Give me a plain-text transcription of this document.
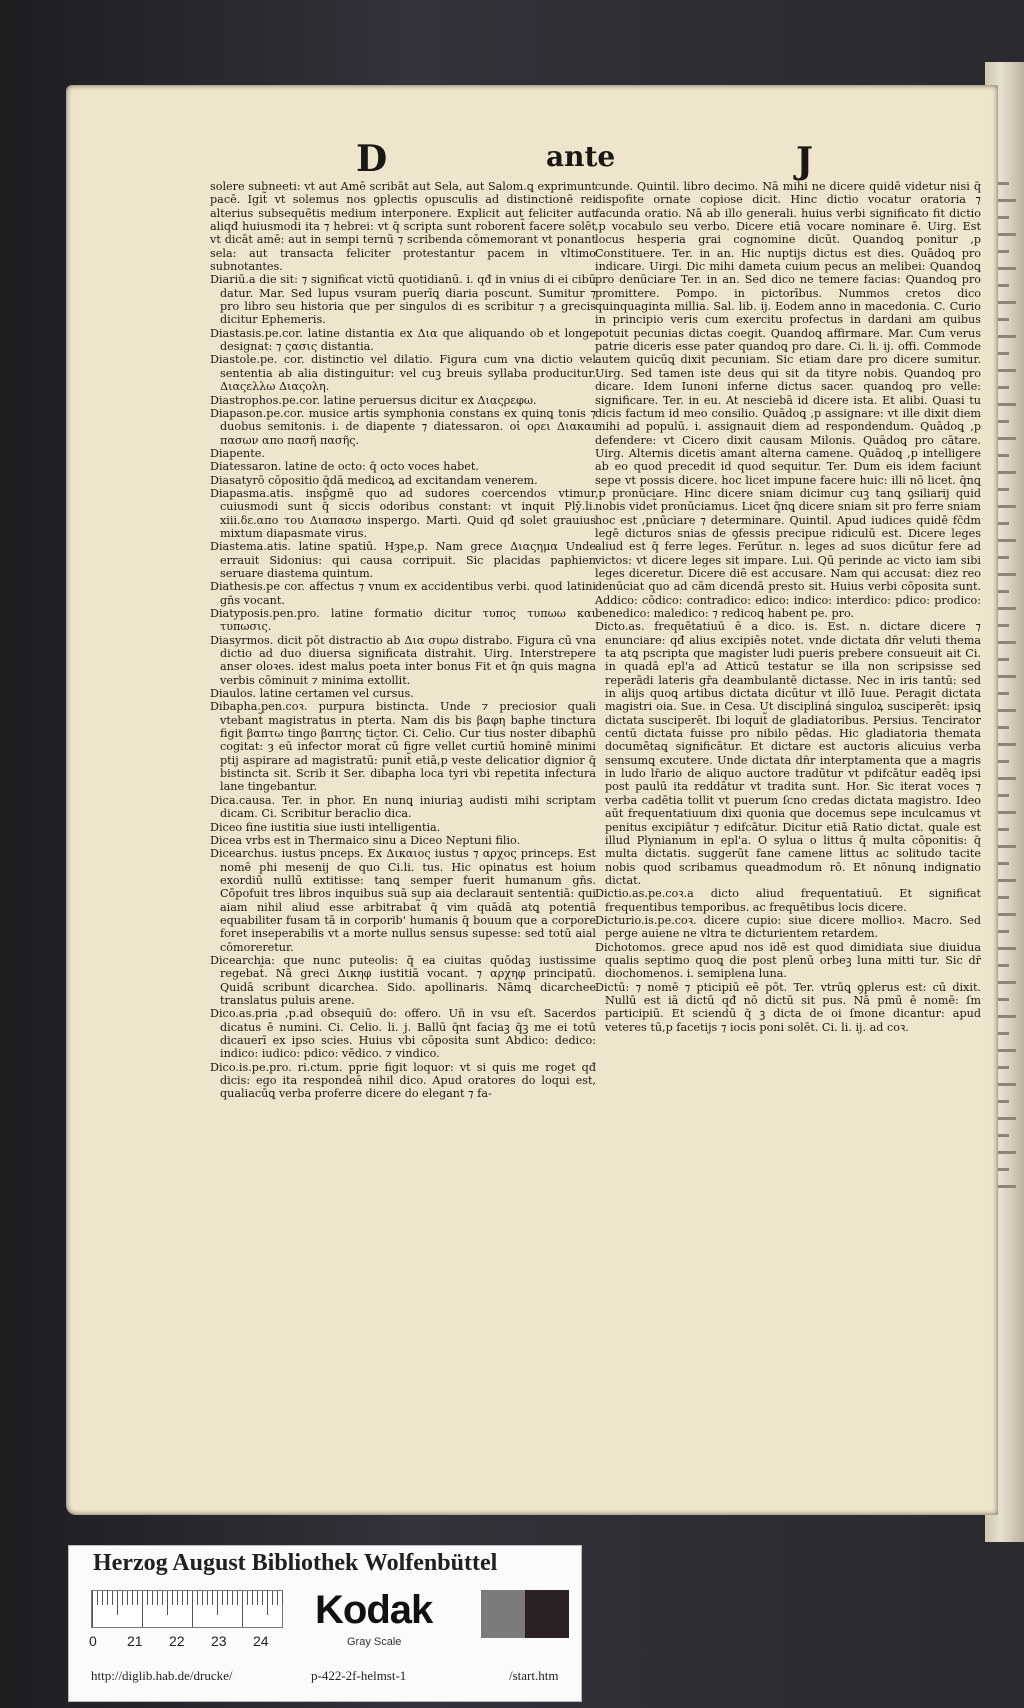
D	ante	J

solere subneeti: vt aut Amē scribāt aut Sela, aut Salom.ꝗ exprimunt pacē. Igit̃ vt solemus nos ꝯplectis opusculis ad distinctionē rei alterius subsequētis medium interponere. Explicit aut feliciter aut aliqđ huiusmodi ita ⁊ hebrei: vt q̄ scripta sunt roborent̃ facere solēt vt dicāt amē: aut in sempi ternū ⁊ scribenda cōmemorant vt ponant sela: aut transacta feliciter protestantur pacem in vltimo subnotantes.

Diariū.a die sit: ⁊ significat victū quotidianū. i. qđ in vnius di ei cibū datur. Mar. Sed lupus vsuram puerīꝗ diaria poscunt. Sumitur ⁊ pro libro seu historia que per singulos di es scribitur ⁊ a grecis dicitur Ephemeris.

Diastasis.pe.cor. latine distantia ex Δια que aliquando ob et longe designat: ⁊ ςασις distantia.

Diastole.pe. cor. distinctio vel dilatio. Figura cum vna dictio vel sententia ab alia distinguitur: vel cuꝫ breuis syllaba producitur. Διαςελλω Διαςολη.

Diastrophos.pe.cor. latine peruersus dicitur ex Διαςρεφω.

Diapason.pe.cor. musice artis symphonia constans ex quinꝗ tonis ⁊ duobus semitonis. i. de diapente ⁊ diatessaron. οἱ ορει Διακαι πασων απο πασῆ πασῆς.

Diapente.

Diatessaron. latine de octo: q̄ octo voces habet.

Diasatyrō cōpositio q̄dā medicoꝝ ad excitandam venerem.

Diapasma.atis. insp̄gmē quo ad sudores coercendos vtimur cuiusmodi sunt q̄ siccis odoribus constant: vt inquit Plȳ.li. xiii.δε.απο του Διαπασω inspergo. Marti. Quid qđ solet grauius mixtum diapasmate virus.

Diastema.atis. latine spatiū. Hȝpe,p. Nam grece Διαςημα Unde errauit Sidonius: qui causa corripuit. Sic placidas paphien seruare diastema quintum.

Diathesis.pe cor. affectus ⁊ vnum ex accidentibus verbi. quod latini gn̄s vocant.

Diatyposis.pen.pro. latine formatio dicitur τυπος τυπωω και τυπωσις.

Diasyrmos. dicit pōt distractio ab Δια συρω distrabo. Figura cū vna dictio ad duo diuersa significata distrahit. Uirg. Interstrepere anser oloꝛes. idest malus poeta inter bonus Fit et q̄n quis magna verbis cōminuit ⁊ minima extollit.

Diaulos. latine certamen vel cursus.

Dibapha.pen.coꝛ. purpura bistincta. Unde ⁊ preciosior quali vtebant̃ magistratus in pterta. Nam dis bis βαφη baphe tinctura figit βαπτω tingo βαπτης tictor. Ci. Celio. Cur tius noster dibaphū cogitat: ȝ eū infector morat̃ cū figre vellet curtiū hominē minimi ptij aspirare ad magistratū: punit̃ etiā,p veste delicatior dignior q̄ bistincta sit. Scrib it Ser. dibapha loca tyri vbi repetita infectura lane tingebantur.

Dica.causa. Ter. in phor. En nunꝗ iniuriaꝫ audisti mihi scriptam dicam. Ci. Scribitur beraclio dica.

Diceo fine iustitia siue iusti intelligentia.

Dicea vrbs est in Thermaico sinu a Diceo Neptuni filio.

Dicearchus. iustus pnceps. Ex Δικαιος iustus ⁊ αρχος princeps. Est nomē phi mesenij de quo Ci.li. tus. Hic opinatus est hoium exordiū nullū extitisse: tanꝗ semper fuerit humanum gn̄s. Cōpofuit tres libros inquibus suā sup aia declarauit sententiā: qui aiam nihil aliud esse arbitrabat̃ q̄ vim quādā atꝗ potentiā equabiliter fusam tā in corporib' humanis q̄ bouum que a corpore foret inseperabilis vt a morte nullus sensus supesse: sed totū aial cōmoreretur.

Dicearchia: que nunc puteolis: q̄ ea ciuitas quōdaꝫ iustissime regebat̃. Nā greci Δικηφ iustitiā vocant. ⁊ αρχηφ principatū. Quidā scribunt dicarchea. Sido. apollinaris. Nāmꝗ dicarchee translatus puluis arene.

Dico.as.pria ,p.ad obsequiū do: offero. Un̄ in vsu eſt. Sacerdos dicatus ē numini. Ci. Celio. li. j. Ballū q̄nt faciaꝫ q̄ꝫ me ei totū dicauerī ex ipso scies. Huius vbi cōposita sunt Abdico: dedico: indico: iudico: pdico: vēdico. ⁊ vindico.

Dico.is.pe.pro. ri.ctum. pprie figit loquor: vt si quis me roget qđ dicis: ego ita respondeā nihil dico. Apud oratores do loqui est, qualiacūꝗ verba proferre dicere do elegant ⁊ fa-

cunde. Quintil. libro decimo. Nā mihi ne dicere quidē videtur nisi q̄ dispofite ornate copiose dicit. Hinc dictio vocatur oratoria ⁊ facunda oratio. Nā ab illo generali. huius verbi significato fit dictio ,p vocabulo seu verbo. Dicere etiā vocare nominare ē. Uirg. Est locus hesperia grai cognomine dicūt. Quandoꝗ ponitur ,p Constituere. Ter. in an. Hic nuptijs dictus est dies. Quādoꝗ pro indicare. Uirgi. Dic mihi dameta cuium pecus an melibei: Quandoꝗ pro denūciare Ter. in an. Sed dico ne temere facias: Quandoꝗ pro promittere. Pompo. in pictorībus. Nummos cretos dico quinquaginta millia. Sal. lib. ij. Eodem anno in macedonia. C. Curio in principio veris cum exercitu profectus in dardani am quibus potuit pecunias dictas coegit. Quandoꝗ affirmare. Mar. Cum verus patrie diceris esse pater quandoꝗ pro dare. Ci. li. ij. offi. Commode autem quicūꝗ dixit pecuniam. Sic etiam dare pro dicere sumitur. Uirg. Sed tamen iste deus qui sit da tityre nobis. Quandoꝗ pro dicare. Idem Iunoni inferne dictus sacer. quandoꝗ pro velle: significare. Ter. in eu. At nesciebā id dicere ista. Et alibi. Quasi tu dicis factum id meo consilio. Quādoꝗ ,p assignare: vt ille dixit diem mihi ad populū. i. assignauit diem ad respondendum. Quādoꝗ ,p defendere: vt Cicero dixit causam Milonis. Quādoꝗ pro cātare. Uirg. Alternis dicetis amant alterna camene. Quādoꝗ ,p intelligere ab eo quod precedit id quod sequitur. Ter. Dum eis idem faciunt sepe vt possis dicere. hoc licet impune facere huic: illi nō licet. q̄nꝗ ,p pronūciare. Hinc dicere sniam dicimur cuꝫ tanꝗ ꝯsiliarij quid nobis videt̃ pronūciamus. Licet q̄nꝗ dicere sniam sit pro ferre sniam hoc est ,pnūciare ⁊ determinare. Quintil. Apud iudices quidē fc̄dm legē dicturos snias de ꝯfessis precipue ridiculū est. Dicere leges aliud est q̄ ferre leges. Ferūtur. n. leges ad suos dicūtur fere ad victos: vt dicere leges sit impare. Lui. Qū perinde ac victo iam sibi leges diceretur. Dicere diē est accusare. Nam qui accusat: diez reo denūciat quo ad cām dicendā presto sit. Huius verbi cōposita sunt. Addico: cōdico: contradico: edico: indico: interdico: pdico: prodico: benedico: maledico: ⁊ redicoꝗ habent pe. pro.

Dicto.as. frequētatiuū ē a dico. is. Est. n. dictare dicere ⁊ enunciare: qđ alius excipiēs notet. vnde dictata dn̄r veluti thema ta atꝗ pscripta que magister ludi pueris prebere consueuit ait Ci. in quadā epl'a ad Atticū testatur se illa non scripsisse sed reperādi lateris gr̄a deambulantē dictasse. Nec in iris tantū: sed in alijs quoꝗ artibus dictata dicūtur vt illō Iuue. Peragit dictata magistri oia. Sue. in Cesa. Ut discipliná singuloꝝ susciperēt: ipsiꝗ dictata susciperēt. Ibi loquit̃ de gladiatoribus. Persius. Tencirator centū dictata fuisse pro nibilo pēdas. Hic gladiatoria themata documētaꝗ significātur. Et dictare est auctoris alicuius verba sensumꝗ excutere. Unde dictata dn̄r interptamenta que a magris in ludo lr̄ario de aliquo auctore tradūtur vt pdifcātur eadēꝗ ipsi post paulū ita reddātur vt tradita sunt. Hor. Sic iterat voces ⁊ verba cadētia tollit vt puerum ſcno credas dictata magistro. Ideo aūt frequentatiuum dixi quonia que docemus sepe inculcamus vt penitus excipiātur ⁊ edifcātur. Dicitur etiā Ratio dictat. quale est illud Plynianum in epl'a. O sylua o littus q̄ multa cōponitis: q̄ multa dictatis. suggerūt fane camene littus ac solitudo tacite nobis quod scribamus queadmodum rō. Et nōnunꝗ indignatio dictat.

Dictio.as.pe.coꝛ.a dicto aliud frequentatiuū. Et significat frequentibus temporibus. ac frequētibus locis dicere.

Dicturio.is.pe.coꝛ. dicere cupio: siue dicere mollioꝛ. Macro. Sed perge auiene ne vltra te dicturientem retardem.

Dichotomos. grece apud nos idē est quod dimidiata siue diuidua qualis septimo quoꝗ die post plenū orbeꝫ luna mitti tur. Sic dr̄ diochomenos. i. semiplena luna.

Dictū: ⁊ nomē ⁊ pticipiū eē pōt. Ter. vtrūꝗ ꝯplerus est: cū dixit. Nullū est iā dictū qđ nō dictū sit pus. Nā pmū ē nomē: ſm participiū. Et sciendū q̄ ꝫ dicta de oi ſmone dicantur: apud veteres tū,p facetijs ⁊ iocis poni solēt. Ci. li. ij. ad coꝛ.

Herzog August Bibliothek Wolfenbüttel
0 21 22 23 24
Kodak
Gray Scale
http://diglib.hab.de/drucke/	p-422-2f-helmst-1	/start.htm
